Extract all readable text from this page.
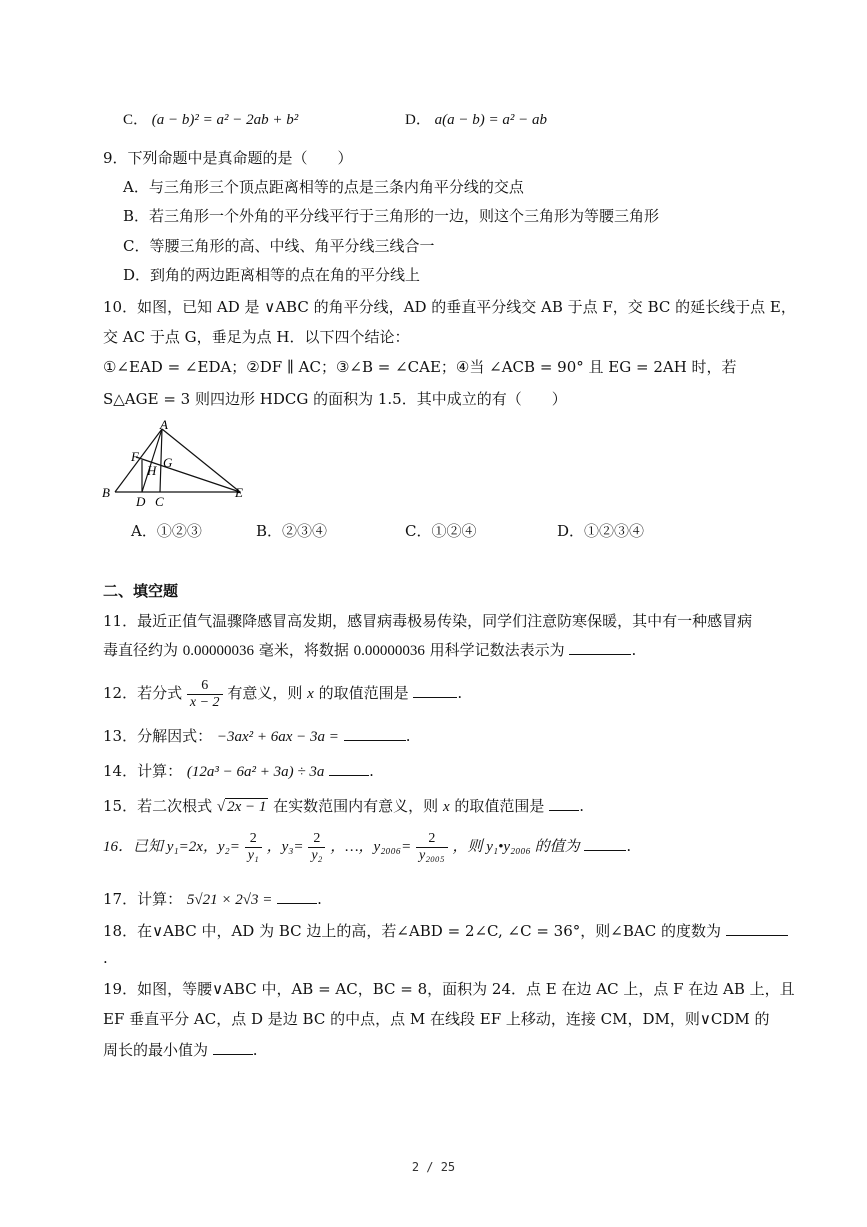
C． (a − b)² = a² − 2ab + b²	D． a(a − b) = a² − ab
9．下列命题中是真命题的是（　　）
A．与三角形三个顶点距离相等的点是三条内角平分线的交点
B．若三角形一个外角的平分线平行于三角形的一边，则这个三角形为等腰三角形
C．等腰三角形的高、中线、角平分线三线合一
D．到角的两边距离相等的点在角的平分线上
10．如图，已知 AD 是 ∨ABC 的角平分线，AD 的垂直平分线交 AB 于点 F，交 BC 的延长线于点 E，
交 AC 于点 G，垂足为点 H．以下四个结论：
①∠EAD = ∠EDA；②DF ∥ AC；③∠B = ∠CAE；④当 ∠ACB = 90° 且 EG = 2AH 时，若
S△AGE = 3 则四边形 HDCG 的面积为 1.5．其中成立的有（　　）
A
B
D C
E
F G
H
A．①②③	B．②③④	C．①②④	D．①②③④
二、填空题
11．最近正值气温骤降感冒高发期，感冒病毒极易传染，同学们注意防寒保暖，其中有一种感冒病
毒直径约为 0.00000036 毫米，将数据 0.00000036 用科学记数法表示为	.
12．若分式 $\frac{6}{x - 2}$ 有意义，则 x 的取值范围是	.
13．分解因式： −3ax² + 6ax − 3a =	.
14．计算： (12a³ − 6a² + 3a) ÷ 3a	.
15．若二次根式 √ 2x − 1 在实数范围内有意义，则 x 的取值范围是 .
16．已知 y₁=2x，$y_2= \frac{2}{\text{y₁}}$ ，$y_3= \frac{2}{\text{y₂}}$ ，…，$y_{2006}= \frac{2}{\text{y₂₀₀₅}}$ ，则 y₁•y₂₀₀₆ 的值为	.
17．计算： 5√21 × 2√3 =	.
18．在∨ABC 中，AD 为 BC 边上的高，若∠ABD = 2∠C, ∠C = 36°，则∠BAC 的度数为
.
19．如图，等腰∨ABC 中，AB = AC，BC = 8，面积为 24．点 E 在边 AC 上，点 F 在边 AB 上，且
EF 垂直平分 AC，点 D 是边 BC 的中点，点 M 在线段 EF 上移动，连接 CM，DM，则∨CDM 的
周长的最小值为	.
2 / 25
